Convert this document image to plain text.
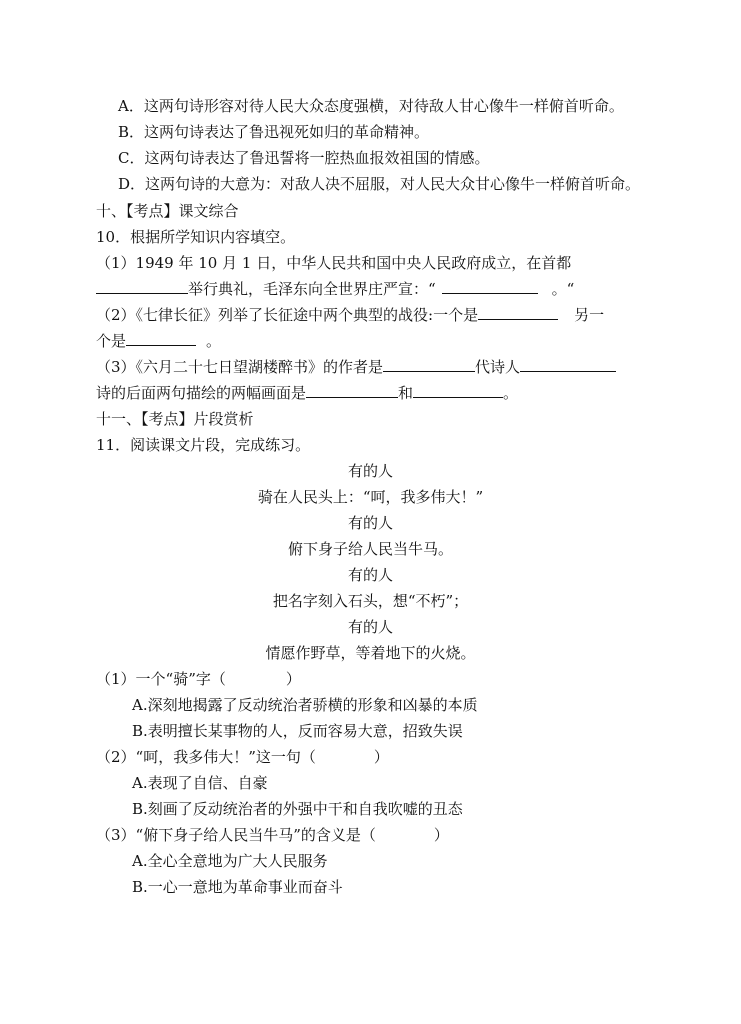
A．这两句诗形容对待人民大众态度强横，对待敌人甘心像牛一样俯首听命。
B．这两句诗表达了鲁迅视死如归的革命精神。
C．这两句诗表达了鲁迅誓将一腔热血报效祖国的情感。
D．这两句诗的大意为：对敌人决不屈服，对人民大众甘心像牛一样俯首听命。
十、【考点】课文综合
10．根据所学知识内容填空。
（1）1949 年 10 月 1 日，中华人民共和国中央人民政府成立，在首都
举行典礼，毛泽东向全世界庄严宣：“	。“
（2）《七律长征》列举了长征途中两个典型的战役:一个是	另一
个是	。
（3）《六月二十七日望湖楼醉书》的作者是	代诗人
诗的后面两句描绘的两幅画面是	和	。
十一、【考点】片段赏析
11．阅读课文片段，完成练习。
有的人
骑在人民头上：“呵，我多伟大！”
有的人
俯下身子给人民当牛马。
有的人
把名字刻入石头，想“不朽”；
有的人
情愿作野草，等着地下的火烧。
（1）一个“骑”字（	）
A.深刻地揭露了反动统治者骄横的形象和凶暴的本质
B.表明擅长某事物的人，反而容易大意，招致失误
（2）“呵，我多伟大！”这一句（	）
A.表现了自信、自豪
B.刻画了反动统治者的外强中干和自我吹嘘的丑态
（3）“俯下身子给人民当牛马”的含义是（	）
A.全心全意地为广大人民服务
B.一心一意地为革命事业而奋斗
